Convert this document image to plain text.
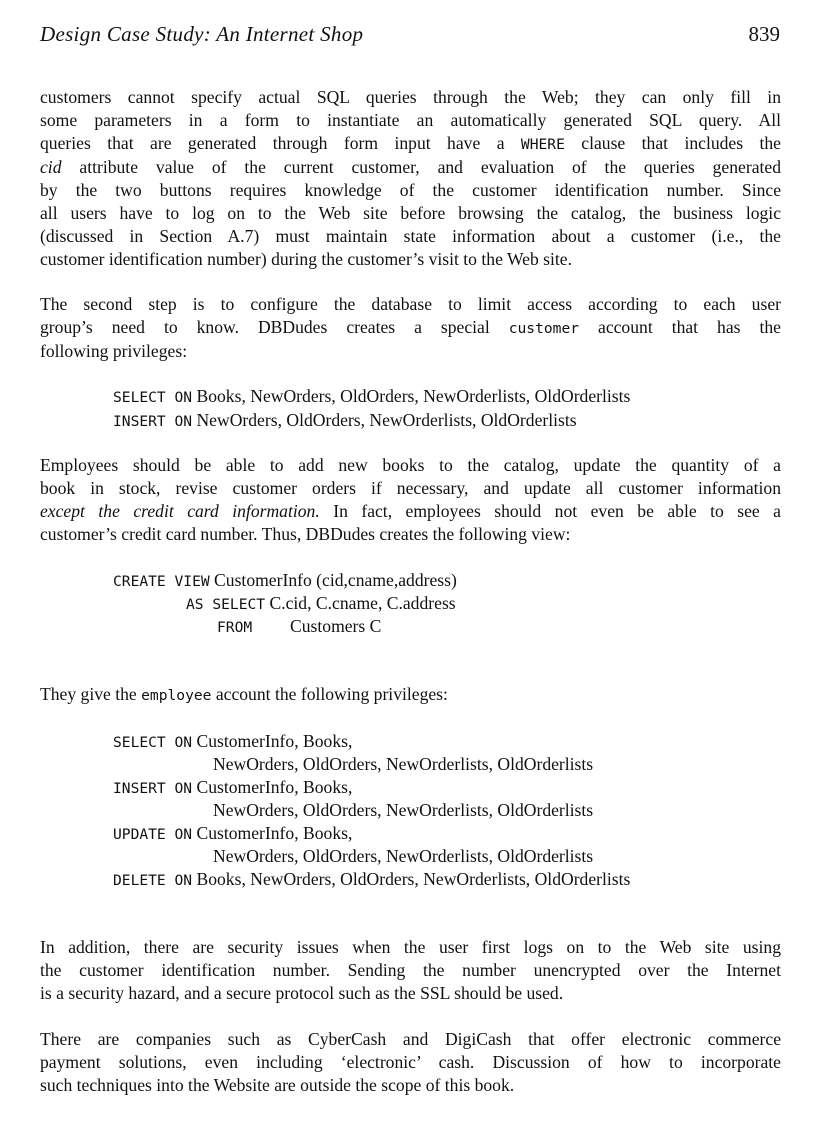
Design Case Study: An Internet Shop	839
customers cannot specify actual SQL queries through the Web; they can only fill in
some parameters in a form to instantiate an automatically generated SQL query. All
queries that are generated through form input have a WHERE clause that includes the
cid attribute value of the current customer, and evaluation of the queries generated
by the two buttons requires knowledge of the customer identification number. Since
all users have to log on to the Web site before browsing the catalog, the business logic
(discussed in Section A.7) must maintain state information about a customer (i.e., the
customer identification number) during the customer’s visit to the Web site.
The second step is to configure the database to limit access according to each user
group’s need to know. DBDudes creates a special customer account that has the
following privileges:
SELECT ON Books, NewOrders, OldOrders, NewOrderlists, OldOrderlists
INSERT ON NewOrders, OldOrders, NewOrderlists, OldOrderlists
Employees should be able to add new books to the catalog, update the quantity of a
book in stock, revise customer orders if necessary, and update all customer information
except the credit card information. In fact, employees should not even be able to see a
customer’s credit card number. Thus, DBDudes creates the following view:
CREATE VIEW CustomerInfo (cid,cname,address)
AS SELECT C.cid, C.cname, C.address
FROM Customers C
They give the employee account the following privileges:
SELECT ON CustomerInfo, Books,
NewOrders, OldOrders, NewOrderlists, OldOrderlists
INSERT ON CustomerInfo, Books,
NewOrders, OldOrders, NewOrderlists, OldOrderlists
UPDATE ON CustomerInfo, Books,
NewOrders, OldOrders, NewOrderlists, OldOrderlists
DELETE ON Books, NewOrders, OldOrders, NewOrderlists, OldOrderlists
In addition, there are security issues when the user first logs on to the Web site using
the customer identification number. Sending the number unencrypted over the Internet
is a security hazard, and a secure protocol such as the SSL should be used.
There are companies such as CyberCash and DigiCash that offer electronic commerce
payment solutions, even including ‘electronic’ cash. Discussion of how to incorporate
such techniques into the Website are outside the scope of this book.
